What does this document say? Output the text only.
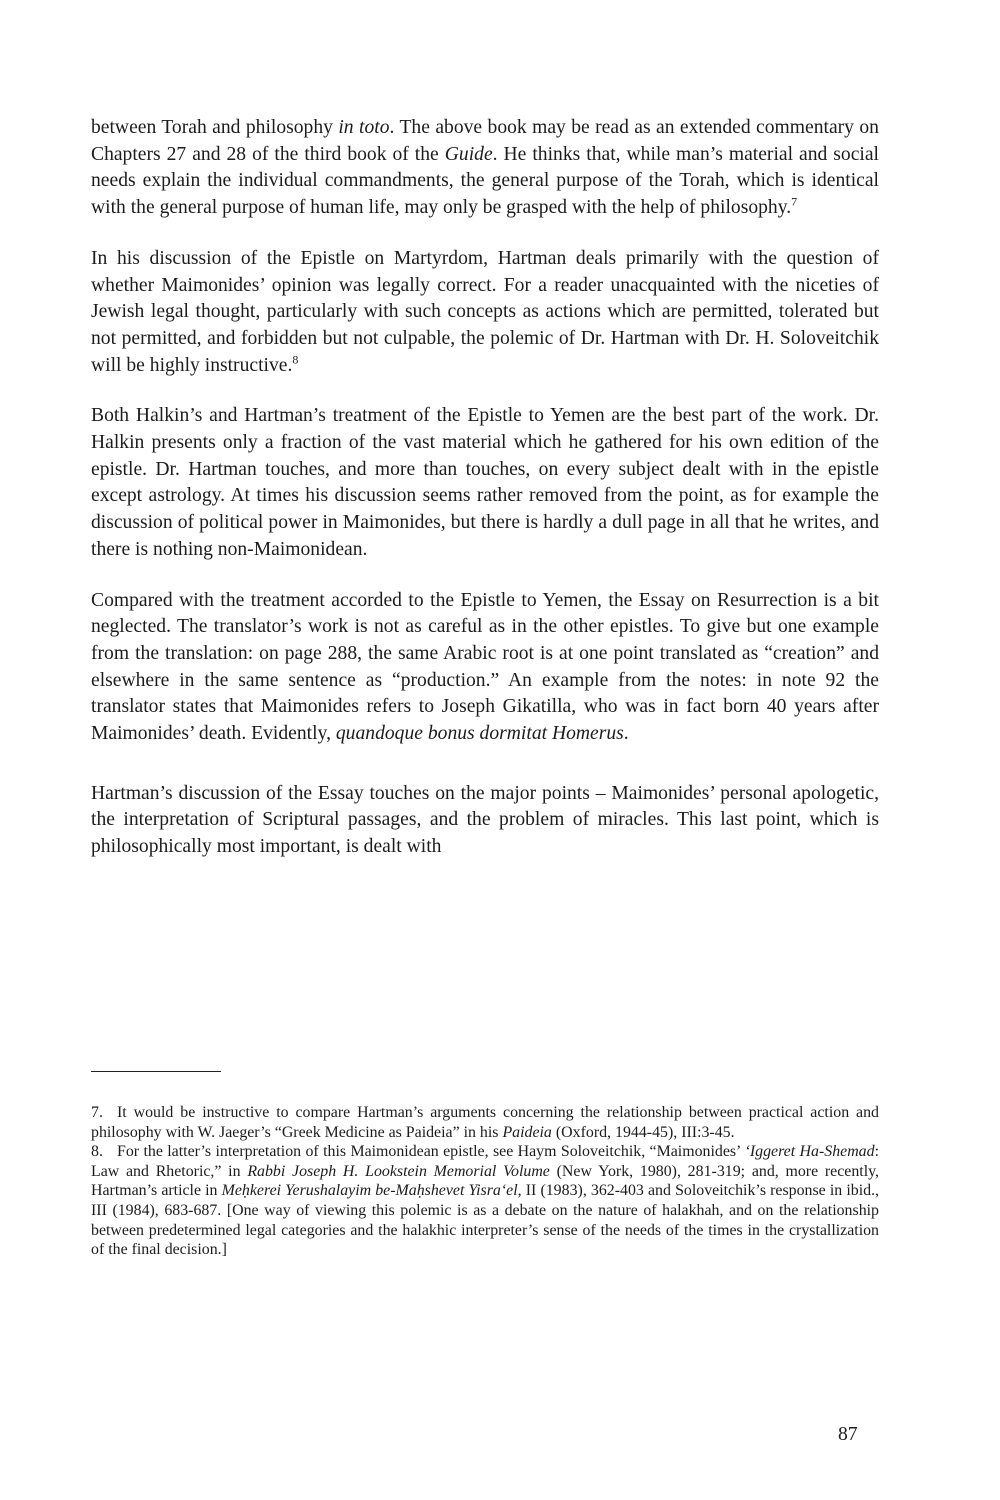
between Torah and philosophy in toto. The above book may be read as an extended commentary on Chapters 27 and 28 of the third book of the Guide. He thinks that, while man’s material and social needs explain the individual commandments, the general purpose of the Torah, which is identical with the general purpose of human life, may only be grasped with the help of philosophy.$^7$

In his discussion of the Epistle on Martyrdom, Hartman deals primarily with the question of whether Maimonides’ opinion was legally correct. For a reader unacquainted with the niceties of Jewish legal thought, particularly with such concepts as actions which are permitted, tolerated but not permitted, and forbidden but not culpable, the polemic of Dr. Hartman with Dr. H. Soloveitchik will be highly instructive.$^8$

Both Halkin’s and Hartman’s treatment of the Epistle to Yemen are the best part of the work. Dr. Halkin presents only a fraction of the vast material which he gathered for his own edition of the epistle. Dr. Hartman touches, and more than touches, on every subject dealt with in the epistle except astrology. At times his discussion seems rather removed from the point, as for example the discussion of political power in Maimonides, but there is hardly a dull page in all that he writes, and there is nothing non-Maimonidean.

Compared with the treatment accorded to the Epistle to Yemen, the Essay on Resurrection is a bit neglected. The translator’s work is not as careful as in the other epistles. To give but one example from the translation: on page 288, the same Arabic root is at one point translated as “creation” and elsewhere in the same sentence as “production.” An example from the notes: in note 92 the translator states that Maimonides refers to Joseph Gikatilla, who was in fact born 40 years after Maimonides’ death. Evidently, quandoque bonus dormitat Homerus.

Hartman’s discussion of the Essay touches on the major points – Maimonides’ personal apologetic, the interpretation of Scriptural passages, and the problem of miracles. This last point, which is philosophically most important, is dealt with

7. It would be instructive to compare Hartman’s arguments concerning the relationship between practical action and philosophy with W. Jaeger’s “Greek Medicine as Paideia” in his Paideia (Oxford, 1944-45), III:3-45.

8. For the latter’s interpretation of this Maimonidean epistle, see Haym Soloveitchik, “Maimonides’ ‘Iggeret Ha-Shemad: Law and Rhetoric,” in Rabbi Joseph H. Lookstein Memorial Volume (New York, 1980), 281-319; and, more recently, Hartman’s article in Meḥkerei Yerushalayim be-Maḥshevet Yisra‘el, II (1983), 362-403 and Soloveitchik’s response in ibid., III (1984), 683-687. [One way of viewing this polemic is as a debate on the nature of halakhah, and on the relationship between predetermined legal categories and the halakhic interpreter’s sense of the needs of the times in the crystallization of the final decision.]

87
